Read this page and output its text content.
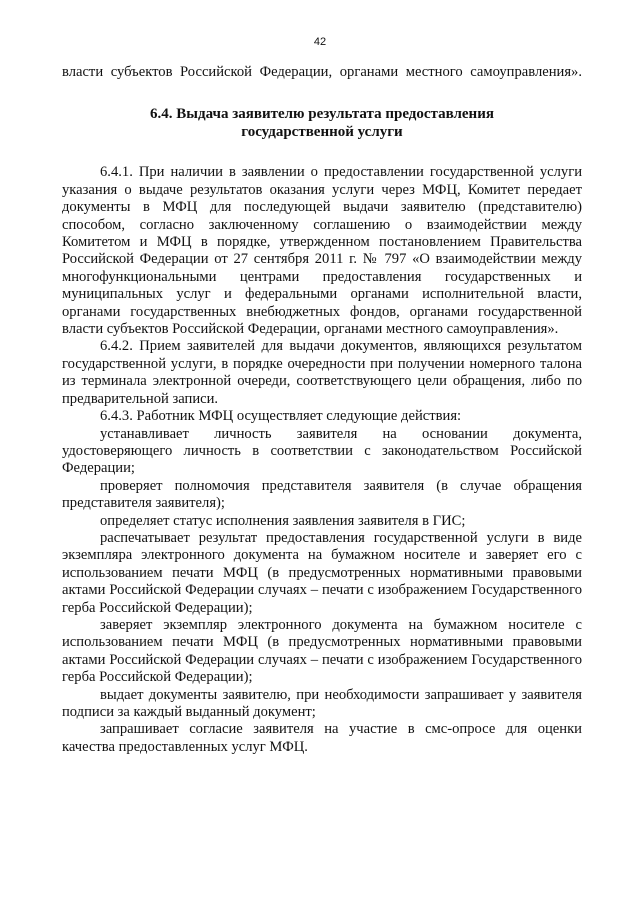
42

власти субъектов Российской Федерации, органами местного самоуправления».

6.4. Выдача заявителю результата предоставления
государственной услуги

6.4.1. При наличии в заявлении о предоставлении государственной услуги указания о выдаче результатов оказания услуги через МФЦ, Комитет передает документы в МФЦ для последующей выдачи заявителю (представителю) способом, согласно заключенному соглашению о взаимодействии между Комитетом и МФЦ в порядке, утвержденном постановлением Правительства Российской Федерации от 27 сентября 2011 г. № 797 «О взаимодействии между многофункциональными центрами предоставления государственных и муниципальных услуг и федеральными органами исполнительной власти, органами государственных внебюджетных фондов, органами государственной власти субъектов Российской Федерации, органами местного самоуправления».

6.4.2. Прием заявителей для выдачи документов, являющихся результатом государственной услуги, в порядке очередности при получении номерного талона из терминала электронной очереди, соответствующего цели обращения, либо по предварительной записи.

6.4.3. Работник МФЦ осуществляет следующие действия:

устанавливает личность заявителя на основании документа, удостоверяющего личность в соответствии с законодательством Российской Федерации;

проверяет полномочия представителя заявителя (в случае обращения представителя заявителя);

определяет статус исполнения заявления заявителя в ГИС;

распечатывает результат предоставления государственной услуги в виде экземпляра электронного документа на бумажном носителе и заверяет его с использованием печати МФЦ (в предусмотренных нормативными правовыми актами Российской Федерации случаях – печати с изображением Государственного герба Российской Федерации);

заверяет экземпляр электронного документа на бумажном носителе с использованием печати МФЦ (в предусмотренных нормативными правовыми актами Российской Федерации случаях – печати с изображением Государственного герба Российской Федерации);

выдает документы заявителю, при необходимости запрашивает у заявителя подписи за каждый выданный документ;

запрашивает согласие заявителя на участие в смс-опросе для оценки качества предоставленных услуг МФЦ.
